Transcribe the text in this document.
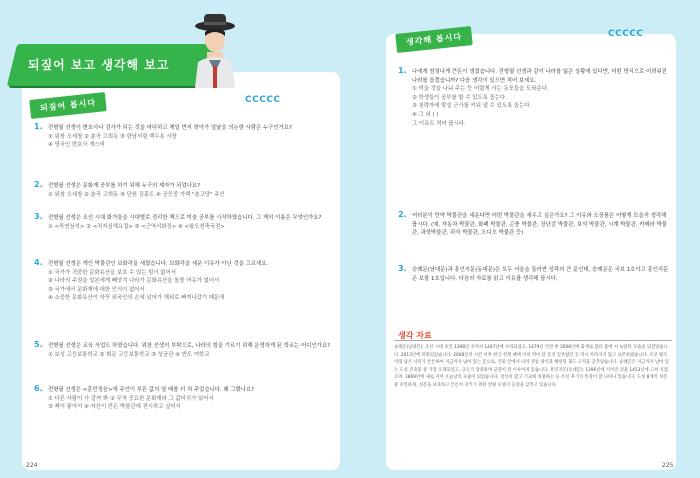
되짚어 보고 생각해 보고
되짚어 봅시다	CCCCC
생각해 봅시다	CCCCC
1. 전형필 선생이 변호사나 검사가 되는 것을 마다하고 제일 먼저 찾아가 앞날을 의논한 사람은 누구인가요?
① 위창 오세창 ② 춘곡 고희동 ③ 한남서림 백두용 사장
④ 영국인 변호사 개스비
2. 전형필 선생은 문화재 공부를 하기 위해 누구의 제자가 되었나요?
① 위창 오세창 ② 춘곡 고희동 ③ 단원 김홍도 ④ 공등중 가택 "춘고당" 주인
3. 전형필 선생은 조선 시대 화가들을 시대별로 정리한 책으로 미술 공부를 시작하였습니다. 그 책의 이름은 무엇인가요?
① <묵연심석> ② <직지심체요절> ③ <근역서화징> ④ <왕오천축국전>
4. 전형필 선생은 개인 박물관인 보화각을 세웠습니다. 보화각을 세운 이유가 아닌 것을 고르세요.
① 국가가 귀중한 문화유산을 보호 수 있는 힘이 없어서
② 나라의 주권을 일본에게 빼앗겨 나라가 문화유산을 돌볼 여유가 없어서
③ 국가에서 문화재에 대한 인식이 없어서
④ 소중한 문화유산이 자꾸 외국인의 손에 넘어가 해외로 빠져나갔기 때문에
5. 전형필 선생은 교육 사업도 하였습니다. 위창 선생의 부탁으로, 나라의 힘을 기르기 위해 운영하게 된 학교는 어디인가요?
① 보성 고등보통학교 ② 휘문 고등보통학교 ③ 성균관 ④ 반도 여학교
6. 전형필 선생은 <훈민정음>에 주인이 부른 값의 열 배를 더 쳐 주었습니다. 왜 그랬나요?
① 다른 사람이 사 갈까 봐 ② 무척 중요한 문화재라 그 값어치가 있어서
③ 책이 좋아서 ④ 자신이 만든 박물관에 전시하고 싶어서
224
1. 나에게 엄청나게 큰돈이 생겼습니다. 전형필 선생과 같이 나라를 잃은 상황에 있다면, 어떤 방식으로 어려워진 나라를 돕겠습니까? 다음 생각이 있으면 적어 보세요.
① 먹을 것을 나눠 주는 등 어렵게 사는 동포들을 도와준다.
② 학생들이 공부를 할 수 있도록 돕는다.
③ 침략자에 맞설 군사를 키워 낼 수 있도록 돕는다.
④ 그 외 ( )
그 이유도 적어 봅시다.
2. 여러분이 만약 박물관을 세운다면 어떤 박물관을 세우고 싶은가요? 그 이유와 소장품은 어떻게 모을지 생각해 봅시다. (예, 자동차 박물관, 화폐 박물관, 곤충 박물관, 장난감 박물관, 보석 박물관, 시계 박물관, 카메라 박물관, 과학박물관, 과자 박물관, 오디오 박물관 등)
3. 숭례문(남대문)과 흥인지문(동대문)은 모두 서울을 둘러싼 성곽의 큰 문인데, 숭례문은 국보 1호이고 흥인지문은 보물 1호입니다. 다음의 자료를 읽고 이유를 생각해 봅시다.
생각 자료
숭례문(남대문): 조선 시대 초인 1398년 지어져 1447년에 수리되었고, 1479년 연결 한 2008년에 화재로 불타 불에 서 녹았던 모습을 되찾았습니다. 2013년에 복원되었습니다. 2008년의 시간 이후 한국 전쟁 때에 이의 벽이 단 문의 일부였던 곳 역시 사라지지 않고 보존하였습니다. 조선 왕조 이래 남은 나라가 튼튼하여 지금까지 남아 있는 문으로, 건물 안에서 나라 전통 양식과 해설된 궤도 고적을 갖추었습니다. 숭례문은 지금까지 남아 있는 도성 건축물 중 가장 오래되었고, 규모가 장중하며 균형이 잘 이루어져 있습니다. 흥인지문(동대문): 1396년에 지어진 것을 1453년에 고쳐 지었으며, 1869년에 새로 지어 오늘날의 모습이 되었습니다. 장식이 많고 기교에 치중하는 등 조선 후기의 특징이 잘 나타나 있습니다. 도성 8개의 성문 중 유일하게, 성문을 보호하고 튼튼히 지키기 위한 반원 모양의 옹성을 갖추고 있습니다.
225
